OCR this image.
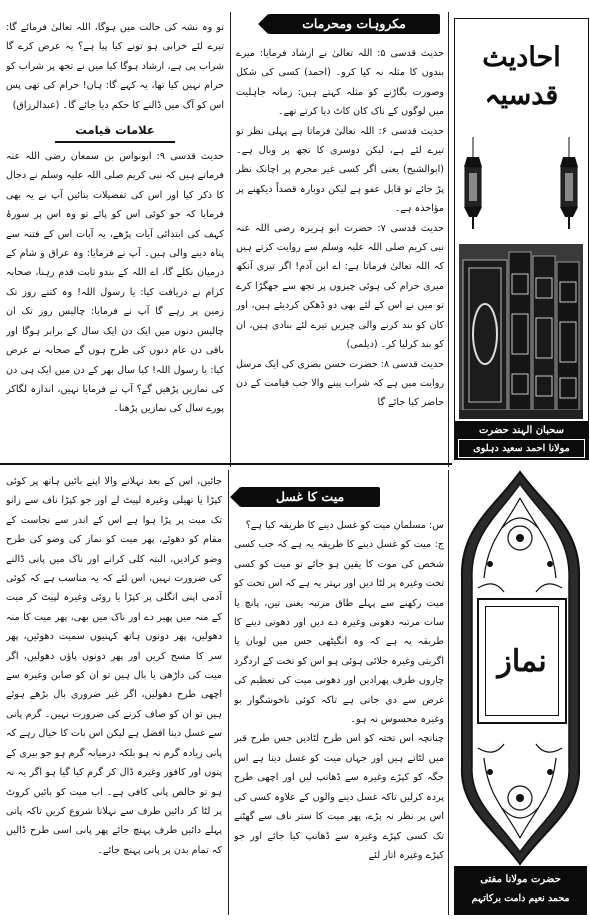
احادیث قدسیہ
سحبان الہند حضرت
مولانا احمد سعید دہلوی
مکروہات ومحرمات

حدیث قدسی ۵: اللہ تعالیٰ نے ارشاد فرمایا: میرے بندوں کا مثلہ نہ کیا کرو۔ (احمد) کسی کی شکل وصورت بگاڑنے کو مثلہ کہتے ہیں: زمانہ جاہلیت میں لوگوں کے ناک کان کاٹ دیا کرتے تھے۔

حدیث قدسی ۶: اللہ تعالیٰ فرماتا ہے پہلی نظر تو تیرے لئے ہے، لیکن دوسری کا تجھ پر وبال ہے۔ (ابوالشیخ) یعنی اگر کسی غیر محرم پر اچانک نظر پڑ جائے تو قابل عفو ہے لیکن دوبارہ قصداً دیکھنے پر مؤاخذہ ہے۔

حدیث قدسی ۷: حضرت ابو ہریرہ رضی اللہ عنہ نبی کریم صلی اللہ علیہ وسلم سے روایت کرتے ہیں کہ اللہ تعالیٰ فرماتا ہے: اے ابن آدم! اگر تیری آنکھ میری حرام کی ہوئی چیزوں پر تجھ سے جھگڑا کرے تو میں نے اس کے لئے بھی دو ڈھکن کردیئے ہیں، اور کان کو بند کرنے والی چیزیں تیرے لئے بنادی ہیں، ان کو بند کرلیا کر۔ (دیلمی)

حدیث قدسی ۸: حضرت حسن بصری کی ایک مرسل روایت میں ہے کہ شراب پینے والا جب قیامت کے دن حاضر کیا جائے گا

تو وہ نشہ کی حالت میں ہوگا، اللہ تعالیٰ فرمائے گا: تیرے لئے خرابی ہو تونے کیا پیا ہے؟ یہ عرض کرے گا شراب پی ہے، ارشاد ہوگا کیا میں نے تجھ پر شراب کو حرام نہیں کیا تھا، یہ کہے گا: ہاں! حرام کی تھی پس اس کو آگ میں ڈالنے کا حکم دیا جائے گا۔ (عبدالرزاق)

علامات قیامت

حدیث قدسی ۹: ابونواس بن سمعان رضی اللہ عنہ فرماتے ہیں کہ نبی کریم صلی اللہ علیہ وسلم نے دجال کا ذکر کیا اور اس کی تفصیلات بتائیں آپ نے یہ بھی فرمایا کہ جو کوئی اس کو پائے تو وہ اس پر سورۂ کہف کی ابتدائی آیات پڑھے، یہ آیات اس کے فتنہ سے پناہ دینے والی ہیں۔ آپ نے فرمایا: وہ عراق و شام کے درمیان نکلے گا، اے اللہ کے بندو ثابت قدم رہنا، صحابہ کرام نے دریافت کیا: یا رسول اللہ! وہ کتنے روز تک زمین پر رہے گا آپ نے فرمایا: چالیس روز تک ان چالیس دنوں میں ایک دن ایک سال کے برابر ہوگا اور باقی دن عام دنوں کی طرح ہوں گے صحابہ نے عرض کیا: یا رسول اللہ! کیا سال بھر کے دن میں ایک ہی دن کی نمازیں پڑھیں گے؟ آپ نے فرمایا نہیں، اندازہ لگاکر پورے سال کی نمازیں پڑھنا۔

نماز
حضرت مولانا مفتی
محمد نعیم دامت برکاتہم
میت کا غسل

س: مسلمان میت کو غسل دینے کا طریقہ کیا ہے؟

ج: میت کو غسل دینے کا طریقہ یہ ہے کہ جب کسی شخص کی موت کا یقین ہو جائے تو میت کو کسی تخت وغیرہ پر لٹا دیں اور بہتر یہ ہے کہ اس تخت کو میت رکھنے سے پہلے طاق مرتبہ یعنی تین، پانچ یا سات مرتبہ دھونی وغیرہ دے دیں اور دھونی دینے کا طریقہ یہ ہے کہ وہ انگیٹھی جس میں لوبان یا اگربتی وغیرہ جلائی ہوئی ہو اس کو تخت کے اردگرد چاروں طرف پھرادیں اور دھونی میت کی تعظیم کی غرض سے دی جاتی ہے تاکہ کوئی ناخوشگوار بو وغیرہ محسوس نہ ہو۔

چنانچہ اس تختہ کو اس طرح لٹادیں جس طرح قبر میں لٹاتے ہیں اور جہاں میت کو غسل دینا ہے اس جگہ کو کپڑے وغیرہ سے ڈھانپ لیں اور اچھی طرح پردہ کرلیں تاکہ غسل دینے والوں کے علاوہ کسی کی اس پر نظر نہ پڑے، پھر میت کا ستر ناف سے گھٹنے تک کسی کپڑے وغیرہ سے ڈھانپ کیا جائے اور جو کپڑے وغیرہ اتار لئے

جائیں، اس کے بعد نہلانے والا اپنے بائیں ہاتھ پر کوئی کپڑا یا تھیلی وغیرہ لپیٹ لے اور جو کپڑا ناف سے زانو تک میت پر پڑا ہوا ہے اس کے اندر سے نجاست کے مقام کو دھوئے، پھر میت کو نماز کی وضو کی طرح وضو کرادیں، البتہ کلی کرانے اور ناک میں پانی ڈالنے کی ضرورت نہیں، اس لئے کہ یہ مناسب ہے کہ کوئی آدمی اپنی انگلی پر کپڑا یا روئی وغیرہ لپیٹ کر میت کے منہ میں پھیر دے اور ناک میں بھی، پھر میت کا منہ دھولیں، پھر دونوں ہاتھ کہنیوں سمیت دھوئیں، پھر سر کا مسح کریں اور پھر دونوں پاؤں دھولیں، اگر میت کی داڑھی یا بال ہیں تو ان کو صابن وغیرہ سے اچھی طرح دھولیں، اگر غیر ضروری بال بڑھے ہوئے ہیں تو ان کو صاف کرنے کی ضرورت نہیں۔ گرم پانی سے غسل دینا افضل ہے لیکن اس بات کا خیال رہے کہ پانی زیادہ گرم نہ ہو بلکہ درمیانہ گرم ہو جو بیری کے پتوں اور کافور وغیرہ ڈال کر گرم کیا گیا ہو اگر یہ نہ ہو تو خالص پانی کافی ہے۔ اب میت کو بائیں کروٹ پر لٹا کر دائیں طرف سے نہلانا شروع کریں تاکہ پانی پہلے دائیں طرف پہنچ جائے پھر پانی اسی طرح ڈالیں کہ تمام بدن پر پانی پہنچ جائے۔
